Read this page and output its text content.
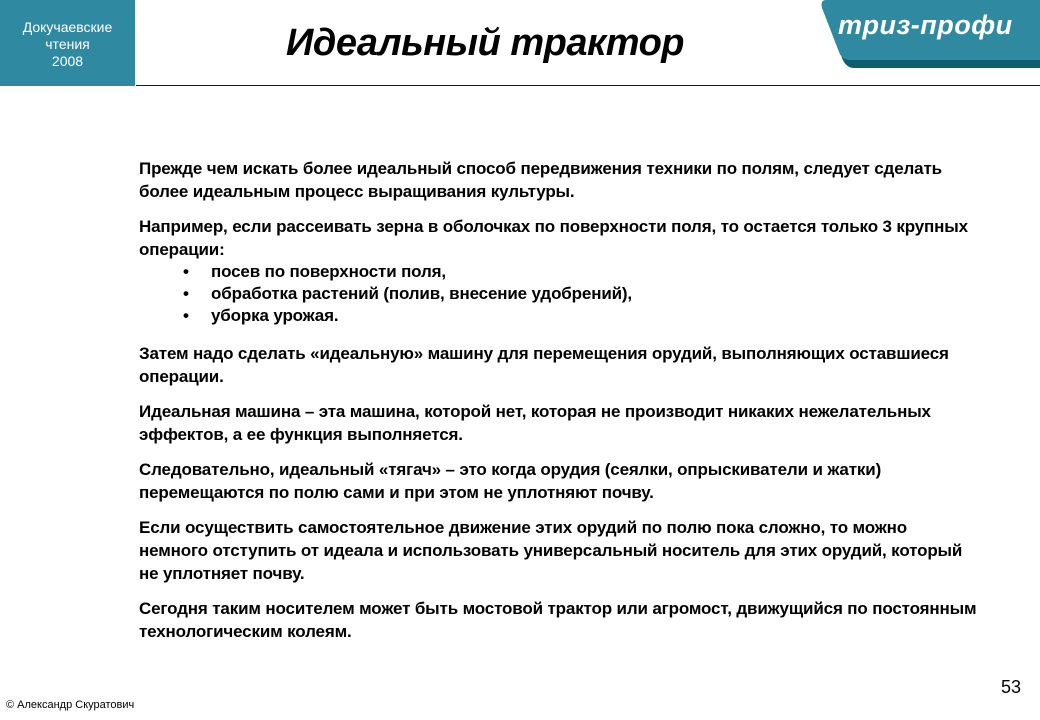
Докучаевские
чтения
2008	Идеальный трактор	триз-профи

Прежде чем искать более идеальный способ передвижения техники по полям, следует сделать более идеальным процесс выращивания культуры.

Например, если рассеивать зерна в оболочках по поверхности поля, то остается только 3 крупных операции:

• посев по поверхности поля,
• обработка растений (полив, внесение удобрений),
• уборка урожая.

Затем надо сделать «идеальную» машину для перемещения орудий, выполняющих оставшиеся операции.

Идеальная машина – эта машина, которой нет, которая не производит никаких нежелательных эффектов, а ее функция выполняется.

Следовательно, идеальный «тягач» – это когда орудия (сеялки, опрыскиватели и жатки) перемещаются по полю сами и при этом не уплотняют почву.

Если осуществить самостоятельное движение этих орудий по полю пока сложно, то можно немного отступить от идеала и использовать универсальный носитель для этих орудий, который не уплотняет почву.

Сегодня таким носителем может быть мостовой трактор или агромост, движущийся по постоянным технологическим колеям.

53
© Александр Скуратович
